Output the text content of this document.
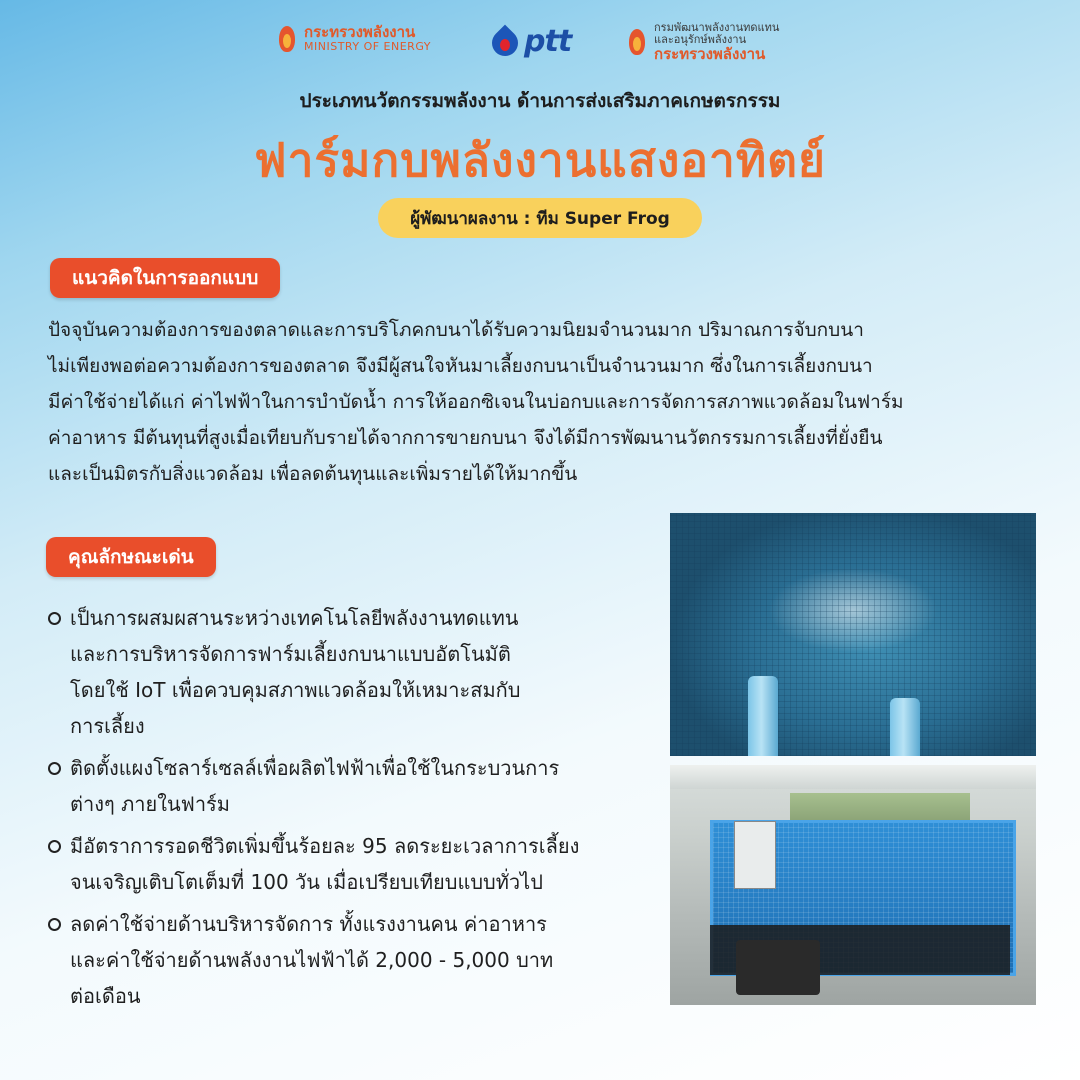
กระทรวงพลังงาน
MINISTRY OF ENERGY	ptt	กรมพัฒนาพลังงานทดแทน
และอนุรักษ์พลังงาน
กระทรวงพลังงาน
ประเภทนวัตกรรมพลังงาน ด้านการส่งเสริมภาคเกษตรกรรม
ฟาร์มกบพลังงานแสงอาทิตย์
ผู้พัฒนาผลงาน : ทีม Super Frog
แนวคิดในการออกแบบ

ปัจจุบันความต้องการของตลาดและการบริโภคกบนาได้รับความนิยมจำนวนมาก ปริมาณการจับกบนา

ไม่เพียงพอต่อความต้องการของตลาด จึงมีผู้สนใจหันมาเลี้ยงกบนาเป็นจำนวนมาก ซึ่งในการเลี้ยงกบนา

มีค่าใช้จ่ายได้แก่ ค่าไฟฟ้าในการบำบัดน้ำ การให้ออกซิเจนในบ่อกบและการจัดการสภาพแวดล้อมในฟาร์ม

ค่าอาหาร มีต้นทุนที่สูงเมื่อเทียบกับรายได้จากการขายกบนา จึงได้มีการพัฒนานวัตกรรมการเลี้ยงที่ยั่งยืน

และเป็นมิตรกับสิ่งแวดล้อม เพื่อลดต้นทุนและเพิ่มรายได้ให้มากขึ้น

คุณลักษณะเด่น
เป็นการผสมผสานระหว่างเทคโนโลยีพลังงานทดแทน
และการบริหารจัดการฟาร์มเลี้ยงกบนาแบบอัตโนมัติ
โดยใช้ IoT เพื่อควบคุมสภาพแวดล้อมให้เหมาะสมกับ
การเลี้ยง
ติดตั้งแผงโซลาร์เซลล์เพื่อผลิตไฟฟ้าเพื่อใช้ในกระบวนการ
ต่างๆ ภายในฟาร์ม
มีอัตราการรอดชีวิตเพิ่มขึ้นร้อยละ 95 ลดระยะเวลาการเลี้ยง
จนเจริญเติบโตเต็มที่ 100 วัน เมื่อเปรียบเทียบแบบทั่วไป
ลดค่าใช้จ่ายด้านบริหารจัดการ ทั้งแรงงานคน ค่าอาหาร
และค่าใช้จ่ายด้านพลังงานไฟฟ้าได้ 2,000 - 5,000 บาท
ต่อเดือน
